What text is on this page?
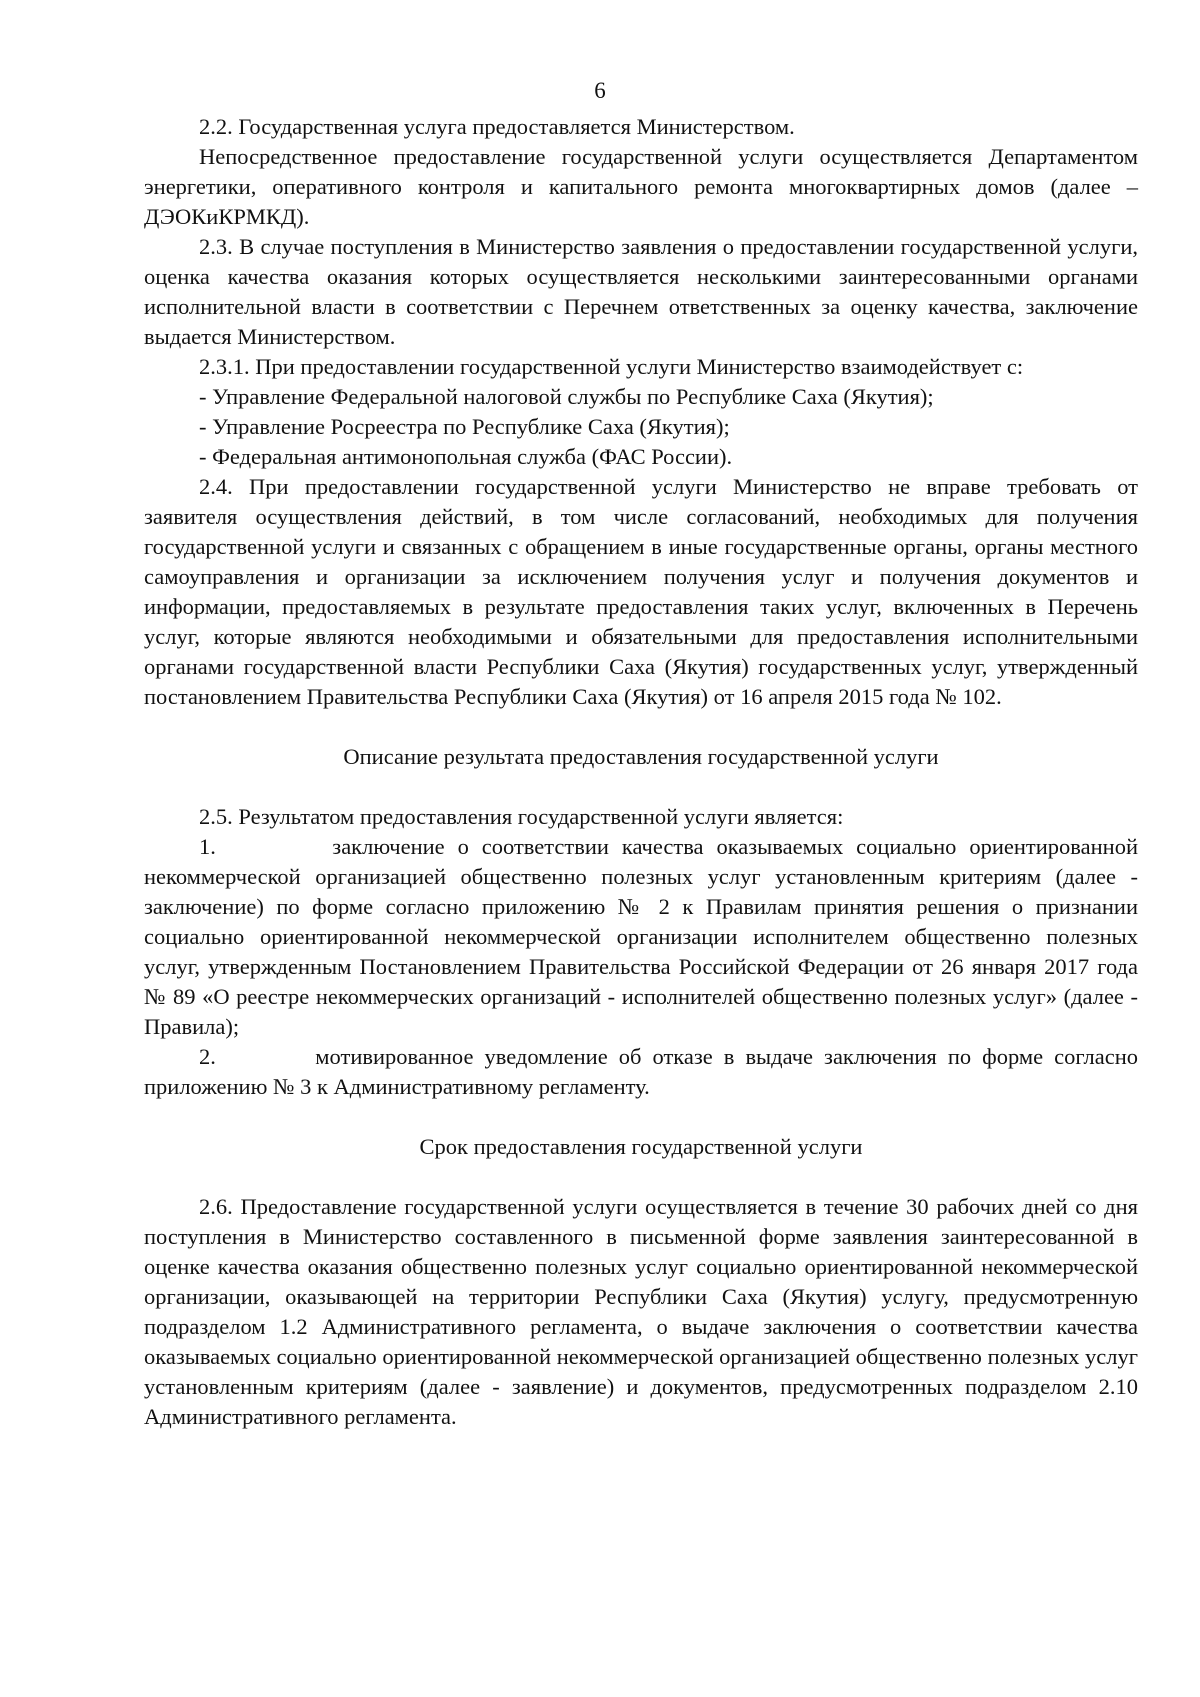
6

2.2. Государственная услуга предоставляется Министерством.

Непосредственное предоставление государственной услуги осуществляется Департаментом энергетики, оперативного контроля и капитального ремонта многоквартирных домов (далее – ДЭОКиКРМКД).

2.3. В случае поступления в Министерство заявления о предоставлении государственной услуги, оценка качества оказания которых осуществляется несколькими заинтересованными органами исполнительной власти в соответствии с Перечнем ответственных за оценку качества, заключение выдается Министерством.

2.3.1. При предоставлении государственной услуги Министерство взаимодействует с:

- Управление Федеральной налоговой службы по Республике Саха (Якутия);

- Управление Росреестра по Республике Саха (Якутия);

- Федеральная антимонопольная служба (ФАС России).

2.4. При предоставлении государственной услуги Министерство не вправе требовать от заявителя осуществления действий, в том числе согласований, необходимых для получения государственной услуги и связанных с обращением в иные государственные органы, органы местного самоуправления и организации за исключением получения услуг и получения документов и информации, предоставляемых в результате предоставления таких услуг, включенных в Перечень услуг, которые являются необходимыми и обязательными для предоставления исполнительными органами государственной власти Республики Саха (Якутия) государственных услуг, утвержденный постановлением Правительства Республики Саха (Якутия) от 16 апреля 2015 года № 102.

Описание результата предоставления государственной услуги

2.5. Результатом предоставления государственной услуги является:

1.         заключение о соответствии качества оказываемых социально ориентированной некоммерческой организацией общественно полезных услуг установленным критериям (далее - заключение) по форме согласно приложению № 2 к Правилам принятия решения о признании социально ориентированной некоммерческой организации исполнителем общественно полезных услуг, утвержденным Постановлением Правительства Российской Федерации от 26 января 2017 года № 89 «О реестре некоммерческих организаций - исполнителей общественно полезных услуг» (далее - Правила);

2.         мотивированное уведомление об отказе в выдаче заключения по форме согласно приложению № 3 к Административному регламенту.

Срок предоставления государственной услуги

2.6. Предоставление государственной услуги осуществляется в течение 30 рабочих дней со дня поступления в Министерство составленного в письменной форме заявления заинтересованной в оценке качества оказания общественно полезных услуг социально ориентированной некоммерческой организации, оказывающей на территории Республики Саха (Якутия) услугу, предусмотренную подразделом 1.2 Административного регламента, о выдаче заключения о соответствии качества оказываемых социально ориентированной некоммерческой организацией общественно полезных услуг установленным критериям (далее - заявление) и документов, предусмотренных подразделом 2.10 Административного регламента.
